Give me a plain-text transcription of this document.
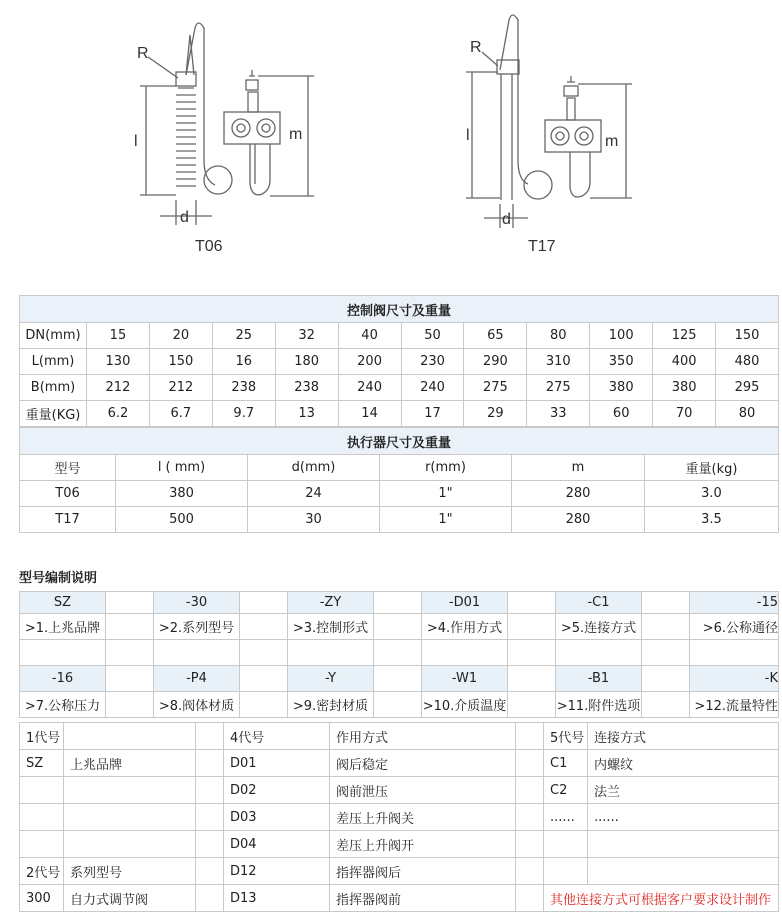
R
l	m
d
T06
R
l	m
d
T17
控制阀尺寸及重量											
DN(mm)	15	20	25	32	40	50	65	80	100	125	150
L(mm)	130	150	16	180	200	230	290	310	350	400	480
B(mm)	212	212	238	238	240	240	275	275	380	380	295
重量(KG)	6.2	6.7	9.7	13	14	17	29	33	60	70	80
执行器尺寸及重量					
型号	l ( mm)	d(mm)	r(mm)	m	重量(kg)
T06	380	24	1"	280	3.0
T17	500	30	1"	280	3.5
型号编制说明
SZ		-30		-ZY		-D01		-C1		-15
>1.上兆品牌		>2.系列型号		>3.控制形式		>4.作用方式		>5.连接方式		>6.公称通径

-16		-P4		-Y		-W1		-B1		-K
>7.公称压力		>8.阀体材质		>9.密封材质		>10.介质温度		>11.附件选项		>12.流量特性
1代号			4代号	作用方式		5代号	连接方式
SZ	上兆品牌		D01	阀后稳定		C1	内螺纹
			D02	阀前泄压		C2	法兰
			D03	差压上升阀关		......	......
			D04	差压上升阀开			
2代号	系列型号		D12	指挥器阀后			
300	自力式调节阀		D13	指挥器阀前		其他连接方式可根据客户要求设计制作	
